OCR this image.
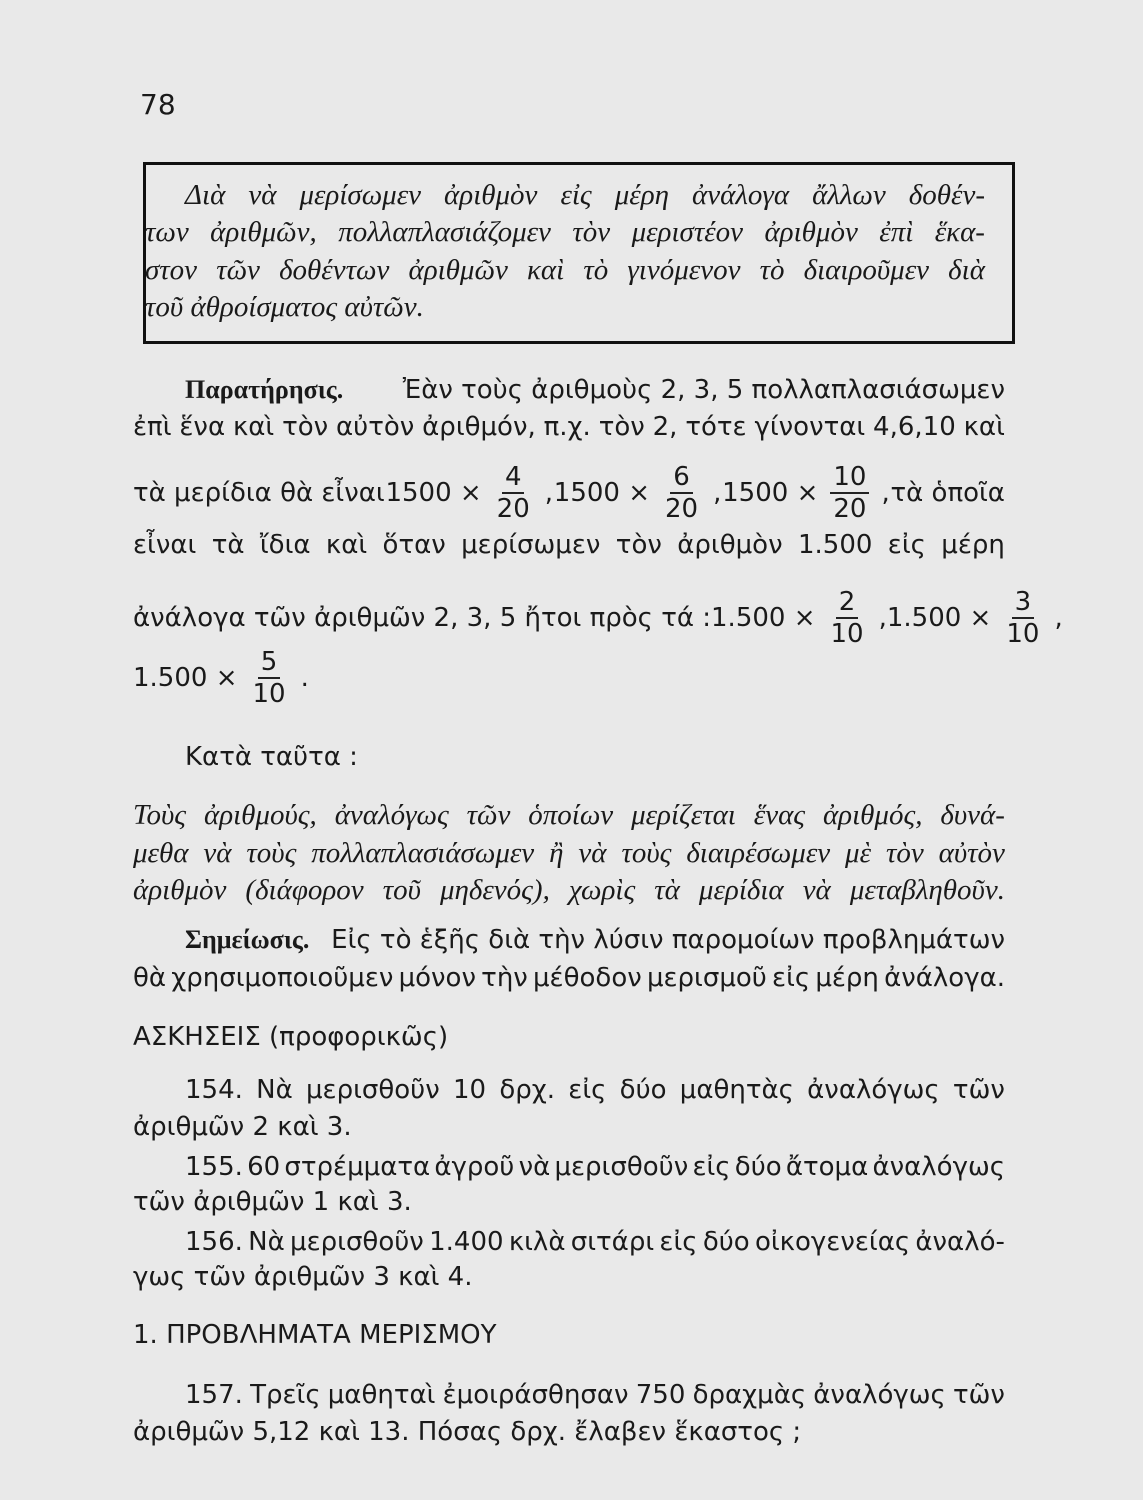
78
Διὰ νὰ μερίσωμεν ἀριθμὸν εἰς μέρη ἀνάλογα ἄλλων δοθέν-
των ἀριθμῶν, πολλαπλασιάζομεν τὸν μεριστέον ἀριθμὸν ἐπὶ ἕκα-
στον τῶν δοθέντων ἀριθμῶν καὶ τὸ γινόμενον τὸ διαιροῦμεν διὰ
τοῦ ἀθροίσματος αὐτῶν.
Παρατήρησις. Ἐὰν τοὺς ἀριθμοὺς 2, 3, 5 πολλαπλασιάσωμεν
ἐπὶ ἕνα καὶ τὸν αὐτὸν ἀριθμόν, π.χ. τὸν 2, τότε γίνονται 4,6,10 καὶ
τὰ μερίδια θὰ εἶναι $1500 \times \frac{4}{20}$ , $1500 \times \frac{6}{20}$ , $1500 \times \frac{10}{20}$ , τὰ ὁποῖα
εἶναι τὰ ἴδια καὶ ὅταν μερίσωμεν τὸν ἀριθμὸν 1.500 εἰς μέρη
ἀνάλογα τῶν ἀριθμῶν 2, 3, 5 ἤτοι πρὸς τά : $1.500 \times \frac{2}{10}$ , $1.500 \times \frac{3}{10}$ ,
$1.500 \times \frac{5}{10}$ .
Κατὰ ταῦτα :
Τοὺς ἀριθμούς, ἀναλόγως τῶν ὁποίων μερίζεται ἕνας ἀριθμός, δυνά-
μεθα νὰ τοὺς πολλαπλασιάσωμεν ἢ νὰ τοὺς διαιρέσωμεν μὲ τὸν αὐτὸν
ἀριθμὸν (διάφορον τοῦ μηδενός), χωρὶς τὰ μερίδια νὰ μεταβληθοῦν.
Σημείωσις. Εἰς τὸ ἑξῆς διὰ τὴν λύσιν παρομοίων προβλημάτων
θὰ χρησιμοποιοῦμεν μόνον τὴν μέθοδον μερισμοῦ εἰς μέρη ἀνάλογα.
ΑΣΚΗΣΕΙΣ (προφορικῶς)
154. Νὰ μερισθοῦν 10 δρχ. εἰς δύο μαθητὰς ἀναλόγως τῶν
ἀριθμῶν 2 καὶ 3.
155. 60 στρέμματα ἀγροῦ νὰ μερισθοῦν εἰς δύο ἄτομα ἀναλόγως
τῶν ἀριθμῶν 1 καὶ 3.
156. Νὰ μερισθοῦν 1.400 κιλὰ σιτάρι εἰς δύο οἰκογενείας ἀναλό-
γως τῶν ἀριθμῶν 3 καὶ 4.
1. ΠΡΟΒΛΗΜΑΤΑ ΜΕΡΙΣΜΟΥ
157. Τρεῖς μαθηταὶ ἐμοιράσθησαν 750 δραχμὰς ἀναλόγως τῶν
ἀριθμῶν 5,12 καὶ 13. Πόσας δρχ. ἔλαβεν ἕκαστος ;
